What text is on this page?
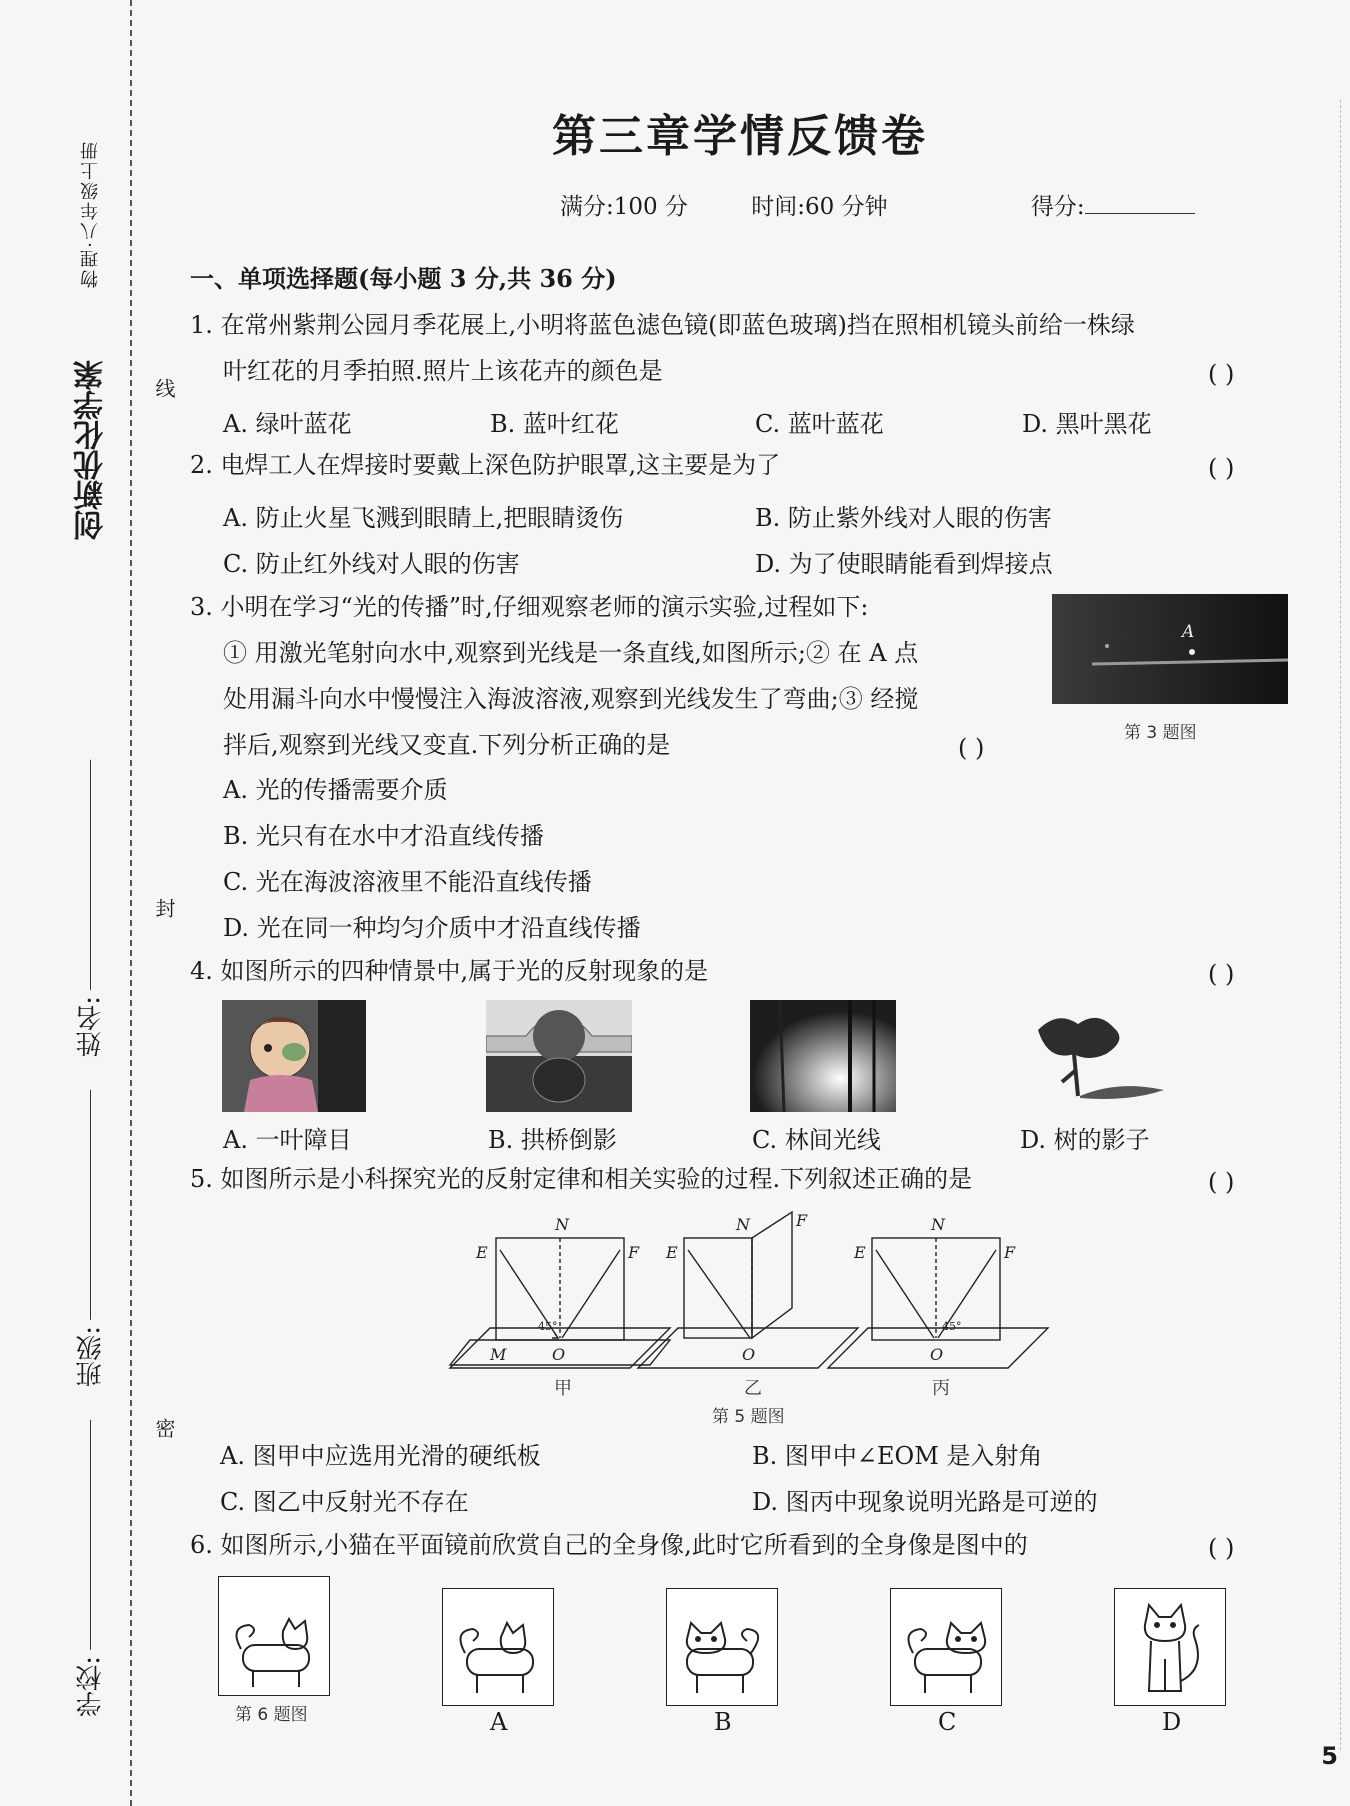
创新优化学案
物理·八年级上册
线
封
密
姓名:
班级:
学校:
第三章学情反馈卷
满分:100 分	时间:60 分钟	得分:
一、单项选择题(每小题 3 分,共 36 分)
1. 在常州紫荆公园月季花展上,小明将蓝色滤色镜(即蓝色玻璃)挡在照相机镜头前给一株绿
叶红花的月季拍照.照片上该花卉的颜色是	( )
A. 绿叶蓝花	B. 蓝叶红花	C. 蓝叶蓝花	D. 黑叶黑花
2. 电焊工人在焊接时要戴上深色防护眼罩,这主要是为了	( )
A. 防止火星飞溅到眼睛上,把眼睛烫伤	B. 防止紫外线对人眼的伤害
C. 防止红外线对人眼的伤害	D. 为了使眼睛能看到焊接点
3. 小明在学习“光的传播”时,仔细观察老师的演示实验,过程如下:
① 用激光笔射向水中,观察到光线是一条直线,如图所示;② 在 A 点
处用漏斗向水中慢慢注入海波溶液,观察到光线发生了弯曲;③ 经搅
拌后,观察到光线又变直.下列分析正确的是	( )
A
第 3 题图
A. 光的传播需要介质
B. 光只有在水中才沿直线传播
C. 光在海波溶液里不能沿直线传播
D. 光在同一种均匀介质中才沿直线传播
4. 如图所示的四种情景中,属于光的反射现象的是	( )
A. 一叶障目	B. 拱桥倒影	C. 林间光线	D. 树的影子
5. 如图所示是小科探究光的反射定律和相关实验的过程.下列叙述正确的是	( )
N
E	F
O
M
45°
N
E
F
O
N
E	F
O
45°
甲	乙	丙
第 5 题图
A. 图甲中应选用光滑的硬纸板	B. 图甲中∠EOM 是入射角
C. 图乙中反射光不存在	D. 图丙中现象说明光路是可逆的
6. 如图所示,小猫在平面镜前欣赏自己的全身像,此时它所看到的全身像是图中的	( )
第 6 题图	A	B	C	D
5
